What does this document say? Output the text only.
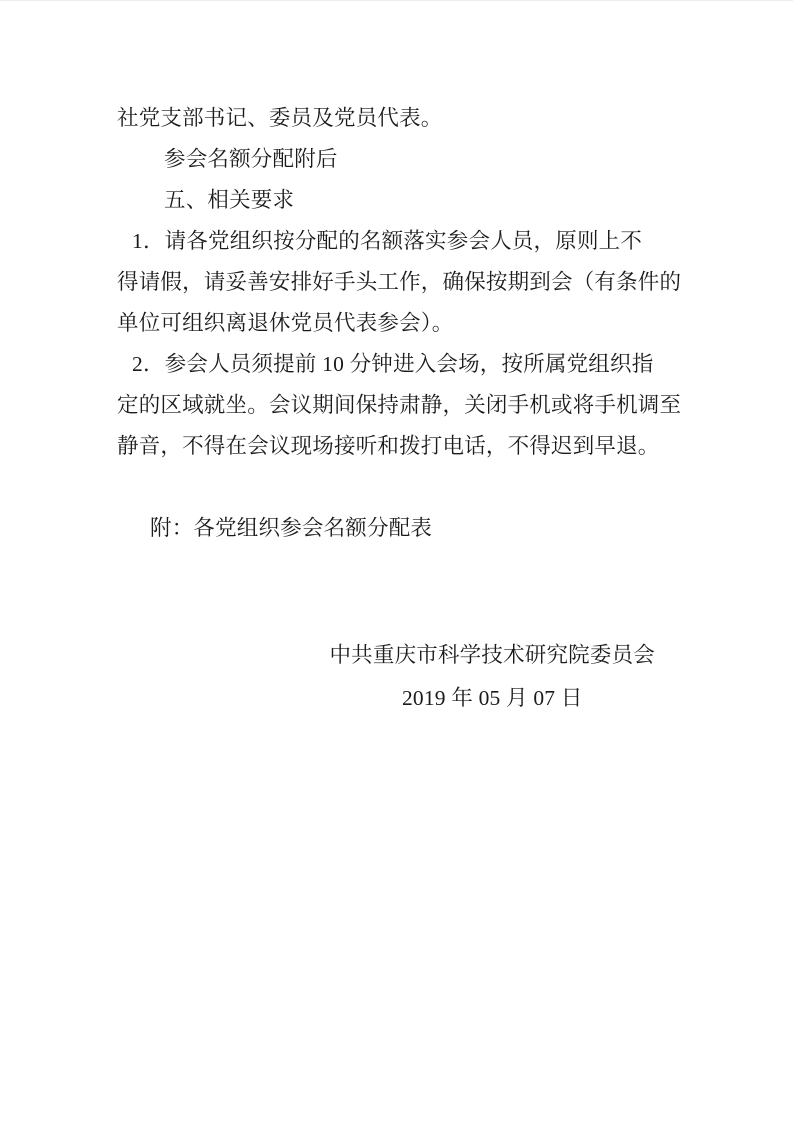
社党支部书记、委员及党员代表。
参会名额分配附后
五、相关要求
1．请各党组织按分配的名额落实参会人员，原则上不
得请假，请妥善安排好手头工作，确保按期到会（有条件的
单位可组织离退休党员代表参会）。
2．参会人员须提前 10 分钟进入会场，按所属党组织指
定的区域就坐。会议期间保持肃静，关闭手机或将手机调至
静音，不得在会议现场接听和拨打电话，不得迟到早退。
附：各党组织参会名额分配表
中共重庆市科学技术研究院委员会
2019 年 05 月 07 日
